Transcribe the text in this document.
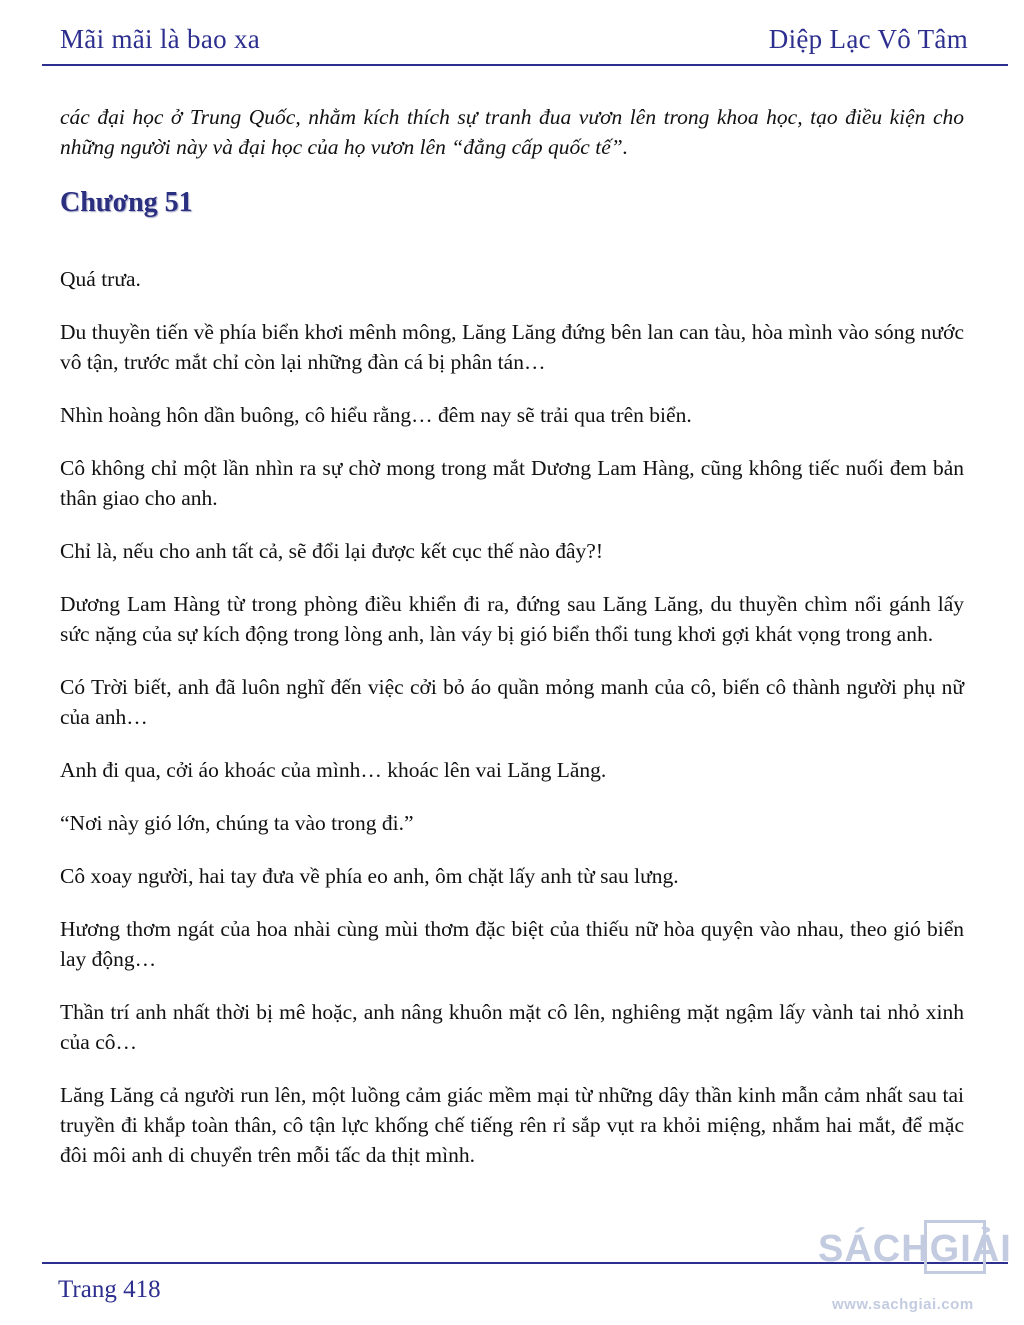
Mãi mãi là bao xa	Diệp Lạc Vô Tâm

các đại học ở Trung Quốc, nhằm kích thích sự tranh đua vươn lên trong khoa học, tạo điều kiện cho những người này và đại học của họ vươn lên “đẳng cấp quốc tế”.

Chương 51

Quá trưa.

Du thuyền tiến về phía biển khơi mênh mông, Lăng Lăng đứng bên lan can tàu, hòa mình vào sóng nước vô tận, trước mắt chỉ còn lại những đàn cá bị phân tán…

Nhìn hoàng hôn dần buông, cô hiểu rằng… đêm nay sẽ trải qua trên biển.

Cô không chỉ một lần nhìn ra sự chờ mong trong mắt Dương Lam Hàng, cũng không tiếc nuối đem bản thân giao cho anh.

Chỉ là, nếu cho anh tất cả, sẽ đổi lại được kết cục thế nào đây?!

Dương Lam Hàng từ trong phòng điều khiển đi ra, đứng sau Lăng Lăng, du thuyền chìm nổi gánh lấy sức nặng của sự kích động trong lòng anh, làn váy bị gió biển thổi tung khơi gợi khát vọng trong anh.

Có Trời biết, anh đã luôn nghĩ đến việc cởi bỏ áo quần mỏng manh của cô, biến cô thành người phụ nữ của anh…

Anh đi qua, cởi áo khoác của mình… khoác lên vai Lăng Lăng.

“Nơi này gió lớn, chúng ta vào trong đi.”

Cô xoay người, hai tay đưa về phía eo anh, ôm chặt lấy anh từ sau lưng.

Hương thơm ngát của hoa nhài cùng mùi thơm đặc biệt của thiếu nữ hòa quyện vào nhau, theo gió biển lay động…

Thần trí anh nhất thời bị mê hoặc, anh nâng khuôn mặt cô lên, nghiêng mặt ngậm lấy vành tai nhỏ xinh của cô…

Lăng Lăng cả người run lên, một luồng cảm giác mềm mại từ những dây thần kinh mẫn cảm nhất sau tai truyền đi khắp toàn thân, cô tận lực khống chế tiếng rên rỉ sắp vụt ra khỏi miệng, nhắm hai mắt, để mặc đôi môi anh di chuyển trên mỗi tấc da thịt mình.

Trang 418
SÁCHGIẢI
www.sachgiai.com
